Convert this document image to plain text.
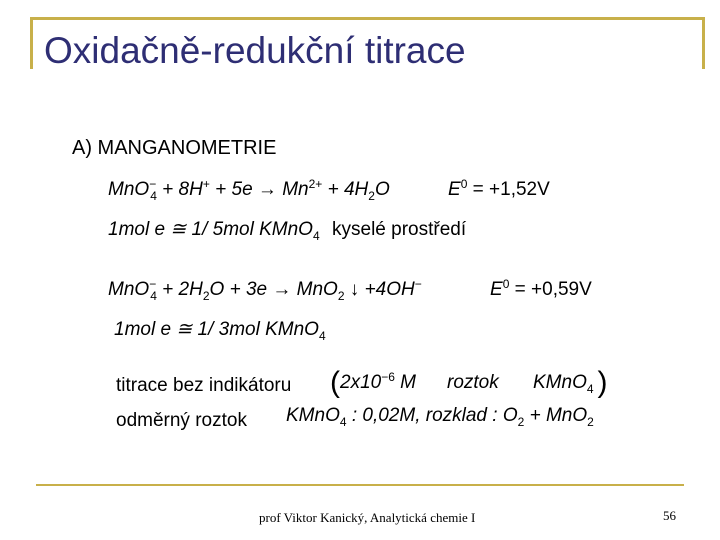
Oxidačně-redukční titrace
A) MANGANOMETRIE
$MnO^-_4 + 8H^+ + 5e \to Mn^{2+} + 4H_2O$	$E^0 = +1,52V$
1mol e ≅ 1/ 5mol KMnO$_4$ kyselé prostředí
$MnO^-_4 + 2H_2O + 3e \to MnO_2$ ↓ +4OH−	$E^0 = +0,59V$
1mol e ≅ 1/ 3mol KMnO$_4$
titrace bez indikátoru ($2x10^{-6}$ M roztok KMnO$_4$ )
odměrný roztok KMnO$_4$ : 0,02M, rozklad : $O_2 + MnO_2$
prof Viktor Kanický, Analytická chemie I	56
